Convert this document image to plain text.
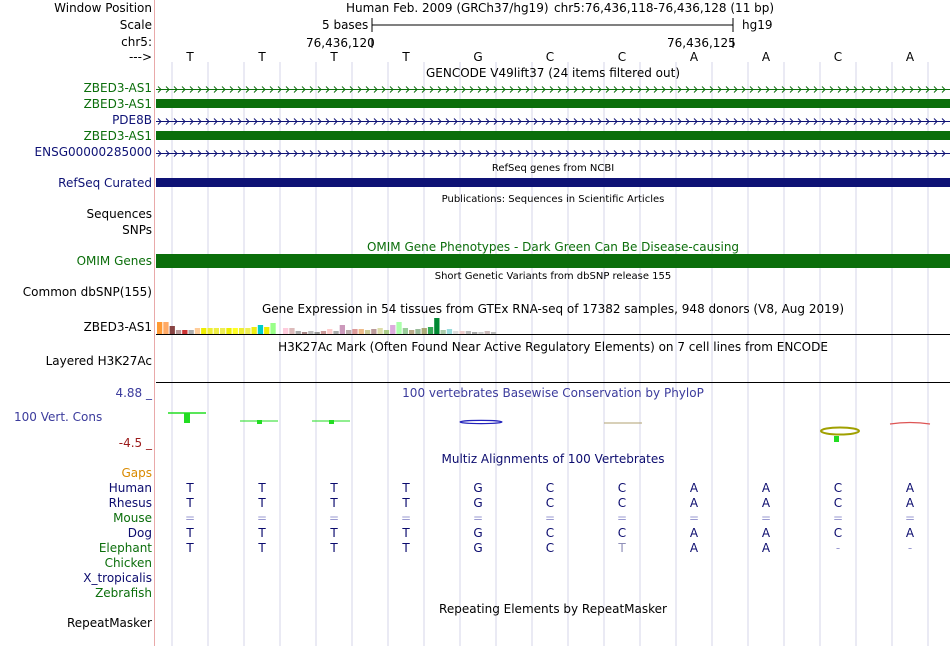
Window Position
Scale
chr5:
--->
Human Feb. 2009 (GRCh37/hg19) chr5:76,436,118-76,436,128 (11 bp)
5 bases	hg19
76,436,120	76,436,125
T	T	T	T	G	C	C	A	A	C	A
GENCODE V49lift37 (24 items filtered out)
ZBED3-AS1
ZBED3-AS1
PDE8B
ZBED3-AS1
ENSG00000285000
RefSeq genes from NCBI
RefSeq Curated
Publications: Sequences in Scientific Articles
Sequences
SNPs
OMIM Gene Phenotypes - Dark Green Can Be Disease-causing
OMIM Genes
Short Genetic Variants from dbSNP release 155
Common dbSNP(155)
Gene Expression in 54 tissues from GTEx RNA-seq of 17382 samples, 948 donors (V8, Aug 2019)
ZBED3-AS1
H3K27Ac Mark (Often Found Near Active Regulatory Elements) on 7 cell lines from ENCODE
Layered H3K27Ac
100 vertebrates Basewise Conservation by PhyloP
4.88 _
100 Vert. Cons
-4.5 _
Multiz Alignments of 100 Vertebrates
Gaps
Human	T	T	T	T	G	C	C	A	A	C	A
Rhesus	T	T	T	T	G	C	C	A	A	C	A
Mouse	=	=	=	=	=	=	=	=	=	=	=
Dog	T	T	T	T	G	C	C	A	A	C	A
Elephant	T	T	T	T	G	C	T	A	A	-	-
Chicken
X_tropicalis
Zebrafish
Repeating Elements by RepeatMasker
RepeatMasker
